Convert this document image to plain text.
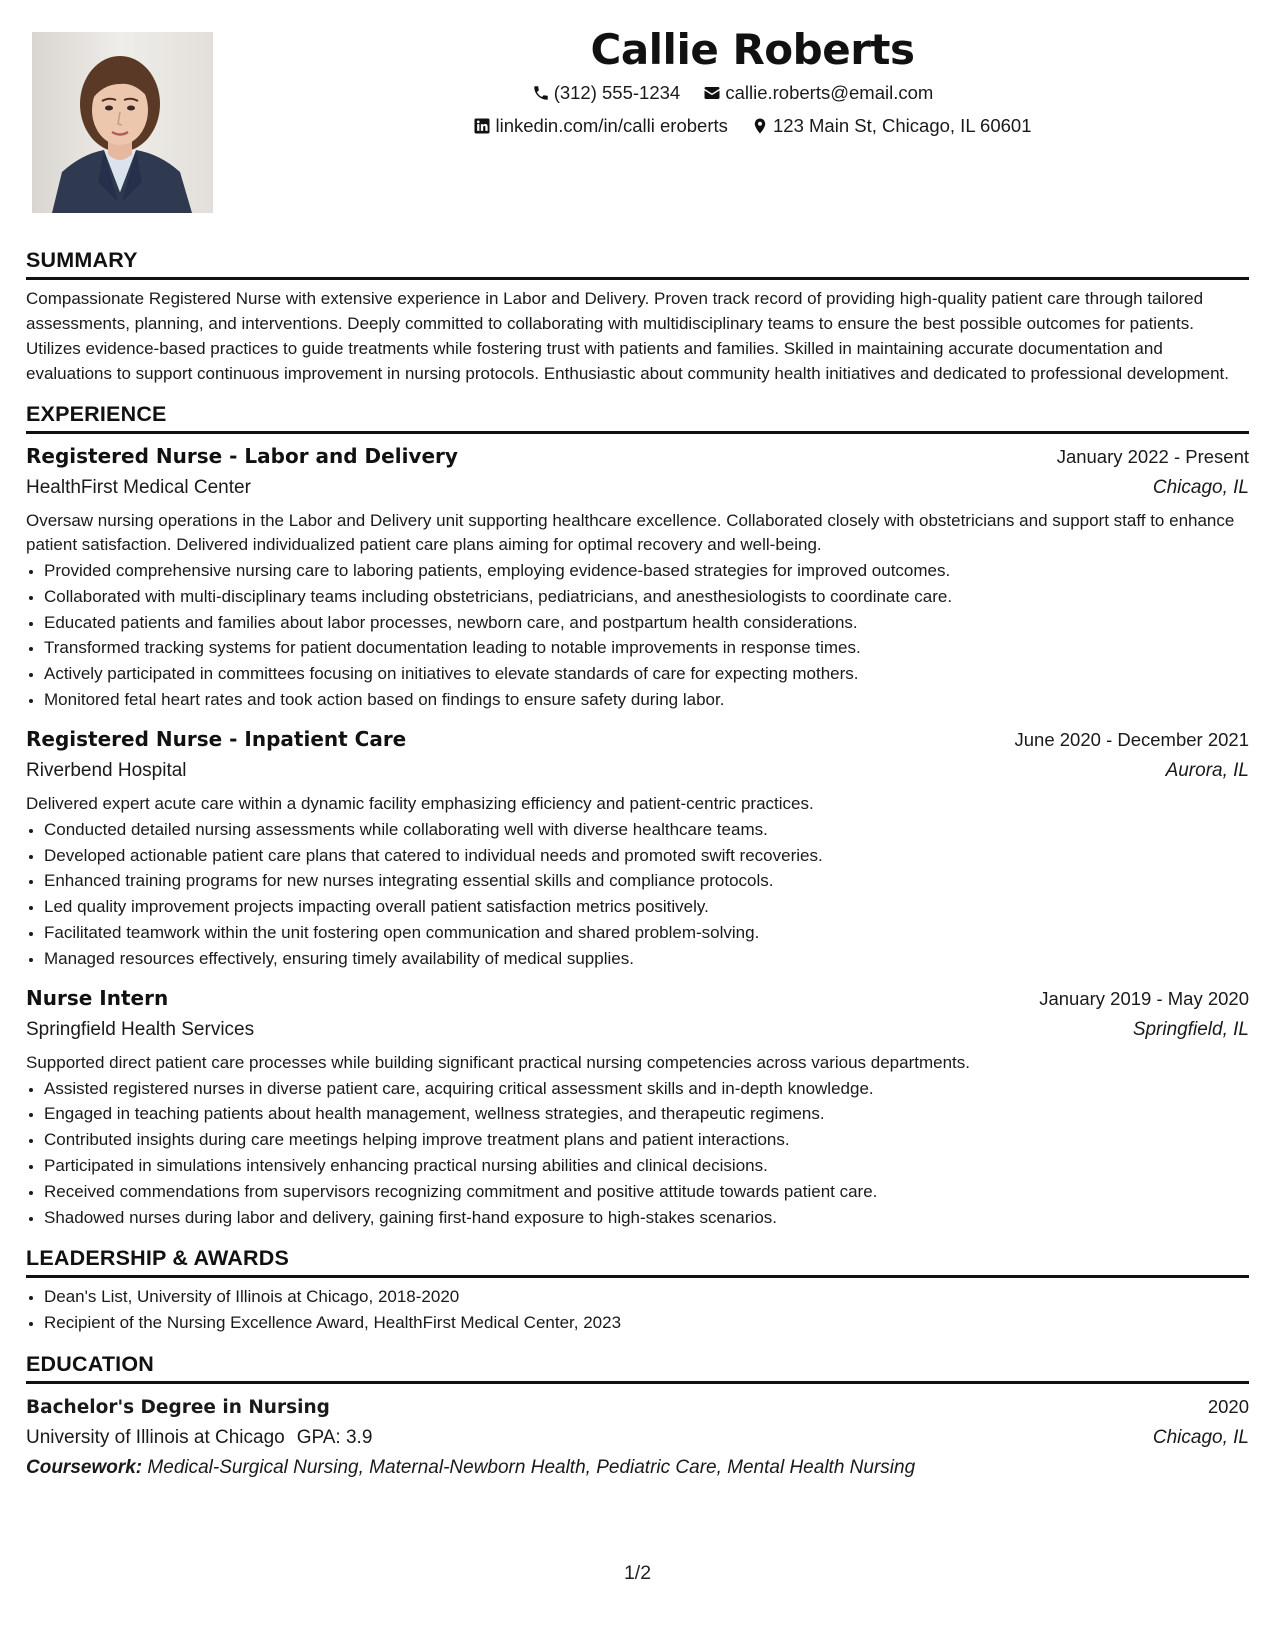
Callie Roberts
(312) 555-1234
callie.roberts@email.com
linkedin.com/in/calli eroberts
123 Main St, Chicago, IL 60601
SUMMARY
Compassionate Registered Nurse with extensive experience in Labor and Delivery. Proven track record of providing high-quality patient care through tailored assessments, planning, and interventions. Deeply committed to collaborating with multidisciplinary teams to ensure the best possible outcomes for patients. Utilizes evidence-based practices to guide treatments while fostering trust with patients and families. Skilled in maintaining accurate documentation and evaluations to support continuous improvement in nursing protocols. Enthusiastic about community health initiatives and dedicated to professional development.
EXPERIENCE
Registered Nurse - Labor and Delivery	January 2022 - Present
HealthFirst Medical Center	Chicago, IL
Oversaw nursing operations in the Labor and Delivery unit supporting healthcare excellence. Collaborated closely with obstetricians and support staff to enhance patient satisfaction. Delivered individualized patient care plans aiming for optimal recovery and well-being.
• Provided comprehensive nursing care to laboring patients, employing evidence-based strategies for improved outcomes.
• Collaborated with multi-disciplinary teams including obstetricians, pediatricians, and anesthesiologists to coordinate care.
• Educated patients and families about labor processes, newborn care, and postpartum health considerations.
• Transformed tracking systems for patient documentation leading to notable improvements in response times.
• Actively participated in committees focusing on initiatives to elevate standards of care for expecting mothers.
• Monitored fetal heart rates and took action based on findings to ensure safety during labor.
Registered Nurse - Inpatient Care	June 2020 - December 2021
Riverbend Hospital	Aurora, IL
Delivered expert acute care within a dynamic facility emphasizing efficiency and patient-centric practices.
• Conducted detailed nursing assessments while collaborating well with diverse healthcare teams.
• Developed actionable patient care plans that catered to individual needs and promoted swift recoveries.
• Enhanced training programs for new nurses integrating essential skills and compliance protocols.
• Led quality improvement projects impacting overall patient satisfaction metrics positively.
• Facilitated teamwork within the unit fostering open communication and shared problem-solving.
• Managed resources effectively, ensuring timely availability of medical supplies.
Nurse Intern	January 2019 - May 2020
Springfield Health Services	Springfield, IL
Supported direct patient care processes while building significant practical nursing competencies across various departments.
• Assisted registered nurses in diverse patient care, acquiring critical assessment skills and in-depth knowledge.
• Engaged in teaching patients about health management, wellness strategies, and therapeutic regimens.
• Contributed insights during care meetings helping improve treatment plans and patient interactions.
• Participated in simulations intensively enhancing practical nursing abilities and clinical decisions.
• Received commendations from supervisors recognizing commitment and positive attitude towards patient care.
• Shadowed nurses during labor and delivery, gaining first-hand exposure to high-stakes scenarios.
LEADERSHIP & AWARDS
• Dean's List, University of Illinois at Chicago, 2018-2020
• Recipient of the Nursing Excellence Award, HealthFirst Medical Center, 2023
EDUCATION
Bachelor's Degree in Nursing	2020
University of Illinois at Chicago GPA: 3.9	Chicago, IL
Coursework: Medical-Surgical Nursing, Maternal-Newborn Health, Pediatric Care, Mental Health Nursing
1/2
